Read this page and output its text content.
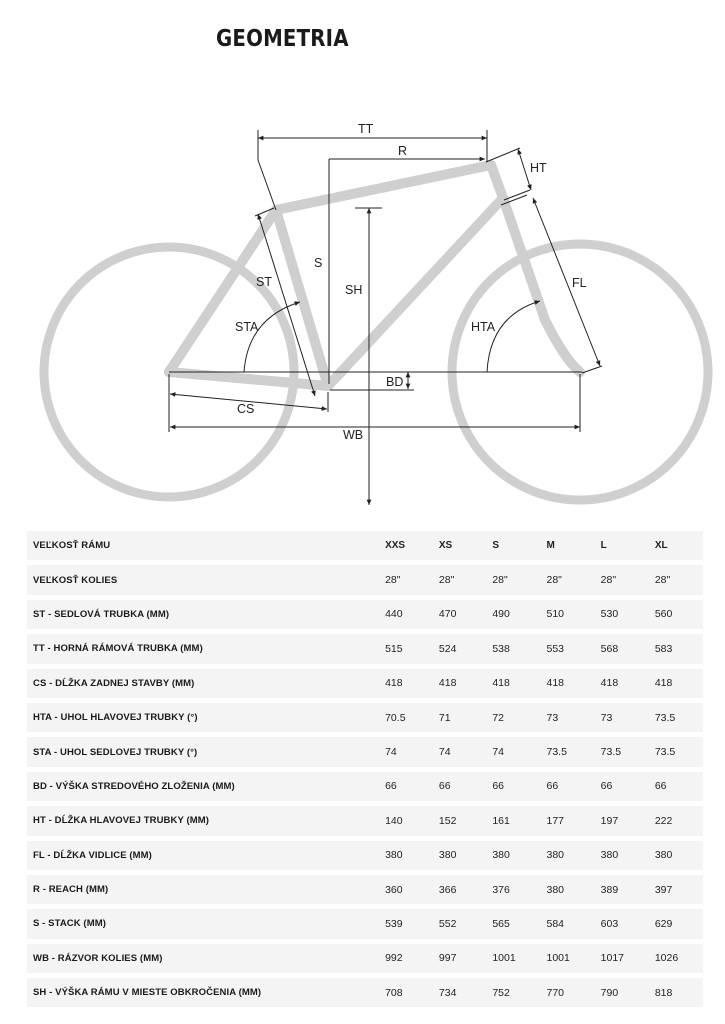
GEOMETRIA
TT
R
HT
S
SH
ST
STA	HTA
FL
BD
CS
WB
VEĽKOSŤ RÁMU	XXS	XS	S	M	L	XL
VEĽKOSŤ KOLIES	28"	28"	28"	28"	28"	28"
ST - SEDLOVÁ TRUBKA (MM)	440	470	490	510	530	560
TT - HORNÁ RÁMOVÁ TRUBKA (MM)	515	524	538	553	568	583
CS - DĹŽKA ZADNEJ STAVBY (MM)	418	418	418	418	418	418
HTA - UHOL HLAVOVEJ TRUBKY (°)	70.5	71	72	73	73	73.5
STA - UHOL SEDLOVEJ TRUBKY (°)	74	74	74	73.5	73.5	73.5
BD - VÝŠKA STREDOVÉHO ZLOŽENIA (MM)	66	66	66	66	66	66
HT - DĹŽKA HLAVOVEJ TRUBKY (MM)	140	152	161	177	197	222
FL - DĹŽKA VIDLICE (MM)	380	380	380	380	380	380
R - REACH (MM)	360	366	376	380	389	397
S - STACK (MM)	539	552	565	584	603	629
WB - RÁZVOR KOLIES (MM)	992	997	1001	1001	1017	1026
SH - VÝŠKA RÁMU V MIESTE OBKROČENIA (MM)	708	734	752	770	790	818
